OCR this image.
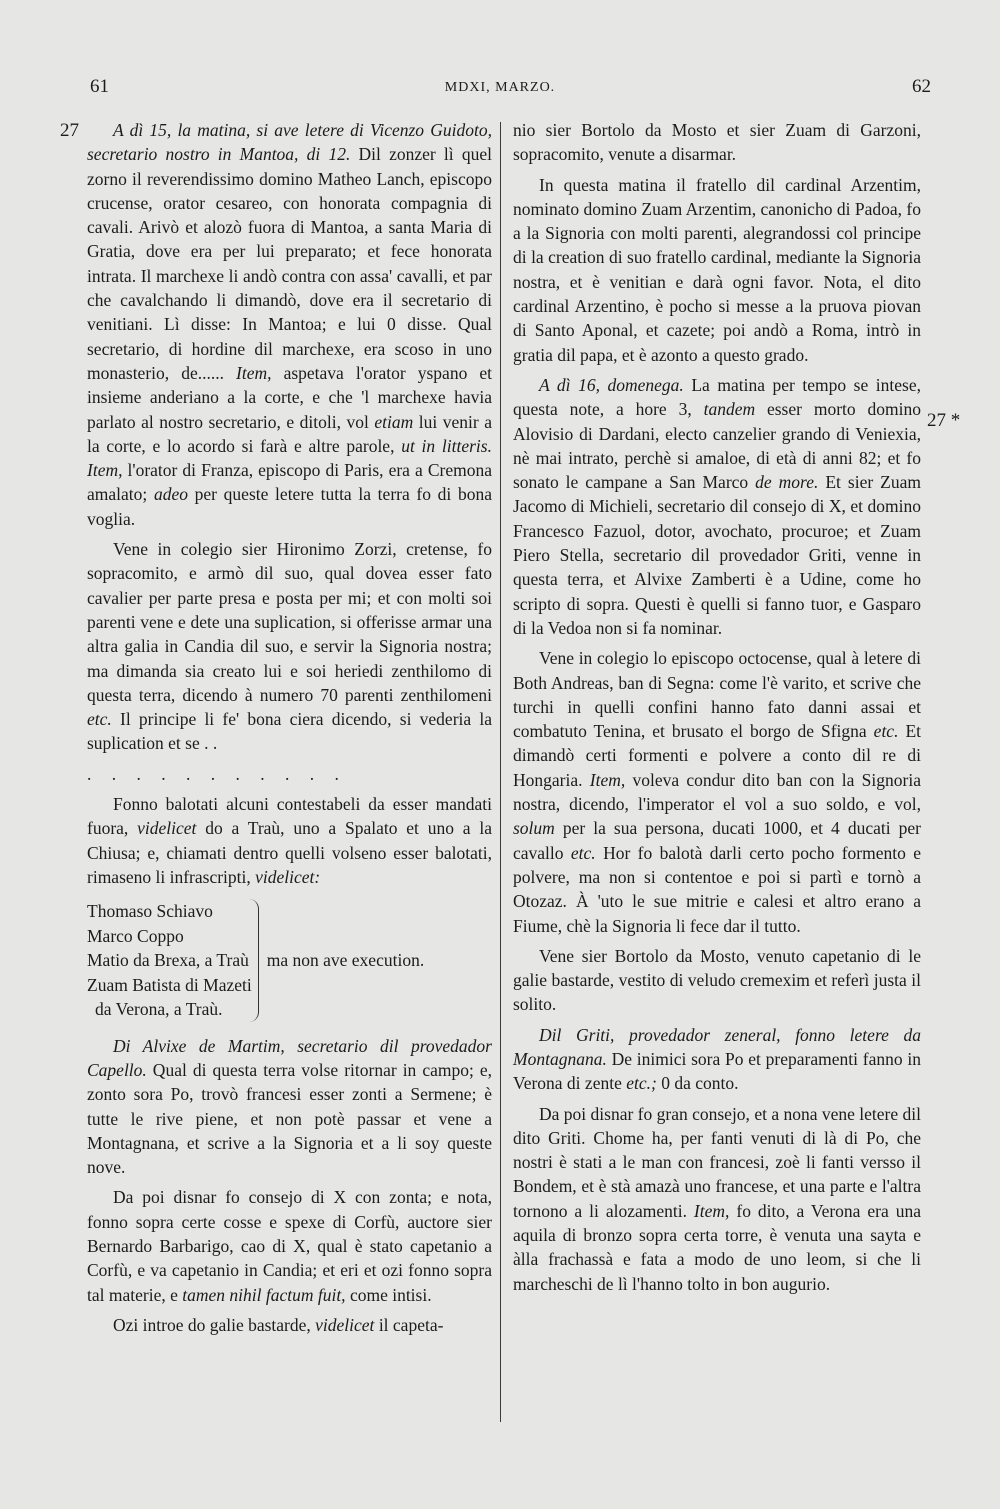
61	MDXI, MARZO.	62
27
27 *

A dì 15, la matina, si ave letere di Vicenzo Guidoto, secretario nostro in Mantoa, di 12. Dil zonzer lì quel zorno il reverendissimo domino Matheo Lanch, episcopo crucense, orator cesareo, con honorata compagnia di cavali. Arivò et alozò fuora di Mantoa, a santa Maria di Gratia, dove era per lui preparato; et fece honorata intrata. Il marchexe li andò contra con assa' cavalli, et par che cavalchando li dimandò, dove era il secretario di venitiani. Lì disse: In Mantoa; e lui 0 disse. Qual secretario, di hordine dil marchexe, era scoso in uno monasterio, de...... Item, aspetava l'orator yspano et insieme anderiano a la corte, e che 'l marchexe havia parlato al nostro secretario, e ditoli, vol etiam lui venir a la corte, e lo acordo si farà e altre parole, ut in litteris. Item, l'orator di Franza, episcopo di Paris, era a Cremona amalato; adeo per queste letere tutta la terra fo di bona voglia.

Vene in colegio sier Hironimo Zorzi, cretense, fo sopracomito, e armò dil suo, qual dovea esser fato cavalier per parte presa e posta per mi; et con molti soi parenti vene e dete una suplication, si offerisse armar una altra galia in Candia dil suo, e servir la Signoria nostra; ma dimanda sia creato lui e soi heriedi zenthilomo di questa terra, dicendo à numero 70 parenti zenthilomeni etc. Il principe li fe' bona ciera dicendo, si vederia la suplication et se . .

. . . . . . . . . . .

Fonno balotati alcuni contestabeli da esser mandati fuora, videlicet do a Traù, uno a Spalato et uno a la Chiusa; e, chiamati dentro quelli volseno esser balotati, rimaseno li infrascripti, videlicet:

Thomaso Schiavo
Marco Coppo
Matio da Brexa, a Traù
Zuam Batista di Mazeti
da Verona, a Traù.
ma non ave execution.

Di Alvixe de Martim, secretario dil provedador Capello. Qual di questa terra volse ritornar in campo; e, zonto sora Po, trovò francesi esser zonti a Sermene; è tutte le rive piene, et non potè passar et vene a Montagnana, et scrive a la Signoria et a li soy queste nove.

Da poi disnar fo consejo di X con zonta; e nota, fonno sopra certe cosse e spexe di Corfù, auctore sier Bernardo Barbarigo, cao di X, qual è stato capetanio a Corfù, e va capetanio in Candia; et eri et ozi fonno sopra tal materie, e tamen nihil factum fuit, come intisi.

Ozi introe do galie bastarde, videlicet il capeta-

nio sier Bortolo da Mosto et sier Zuam di Garzoni, sopracomito, venute a disarmar.

In questa matina il fratello dil cardinal Arzentim, nominato domino Zuam Arzentim, canonicho di Padoa, fo a la Signoria con molti parenti, alegrandossi col principe di la creation di suo fratello cardinal, mediante la Signoria nostra, et è venitian e darà ogni favor. Nota, el dito cardinal Arzentino, è pocho si messe a la pruova piovan di Santo Aponal, et cazete; poi andò a Roma, intrò in gratia dil papa, et è azonto a questo grado.

A dì 16, domenega. La matina per tempo se intese, questa note, a hore 3, tandem esser morto domino Alovisio di Dardani, electo canzelier grando di Veniexia, nè mai intrato, perchè si amaloe, di età di anni 82; et fo sonato le campane a San Marco de more. Et sier Zuam Jacomo di Michieli, secretario dil consejo di X, et domino Francesco Fazuol, dotor, avochato, procuroe; et Zuam Piero Stella, secretario dil provedador Griti, venne in questa terra, et Alvixe Zamberti è a Udine, come ho scripto di sopra. Questi è quelli si fanno tuor, e Gasparo di la Vedoa non si fa nominar.

Vene in colegio lo episcopo octocense, qual à letere di Both Andreas, ban di Segna: come l'è varito, et scrive che turchi in quelli confini hanno fato danni assai et combatuto Tenina, et brusato el borgo de Sfigna etc. Et dimandò certi formenti e polvere a conto dil re di Hongaria. Item, voleva condur dito ban con la Signoria nostra, dicendo, l'imperator el vol a suo soldo, e vol, solum per la sua persona, ducati 1000, et 4 ducati per cavallo etc. Hor fo balotà darli certo pocho formento e polvere, ma non si contentoe e poi si partì e tornò a Otozaz. À 'uto le sue mitrie e calesi et altro erano a Fiume, chè la Signoria li fece dar il tutto.

Vene sier Bortolo da Mosto, venuto capetanio di le galie bastarde, vestito di veludo cremexim et referì justa il solito.

Dil Griti, provedador zeneral, fonno letere da Montagnana. De inimici sora Po et preparamenti fanno in Verona di zente etc.; 0 da conto.

Da poi disnar fo gran consejo, et a nona vene letere dil dito Griti. Chome ha, per fanti venuti di là di Po, che nostri è stati a le man con francesi, zoè li fanti versso il Bondem, et è stà amazà uno francese, et una parte e l'altra tornono a li alozamenti. Item, fo dito, a Verona era una aquila di bronzo sopra certa torre, è venuta una sayta e àlla frachassà e fata a modo de uno leom, si che li marcheschi de lì l'hanno tolto in bon augurio.
